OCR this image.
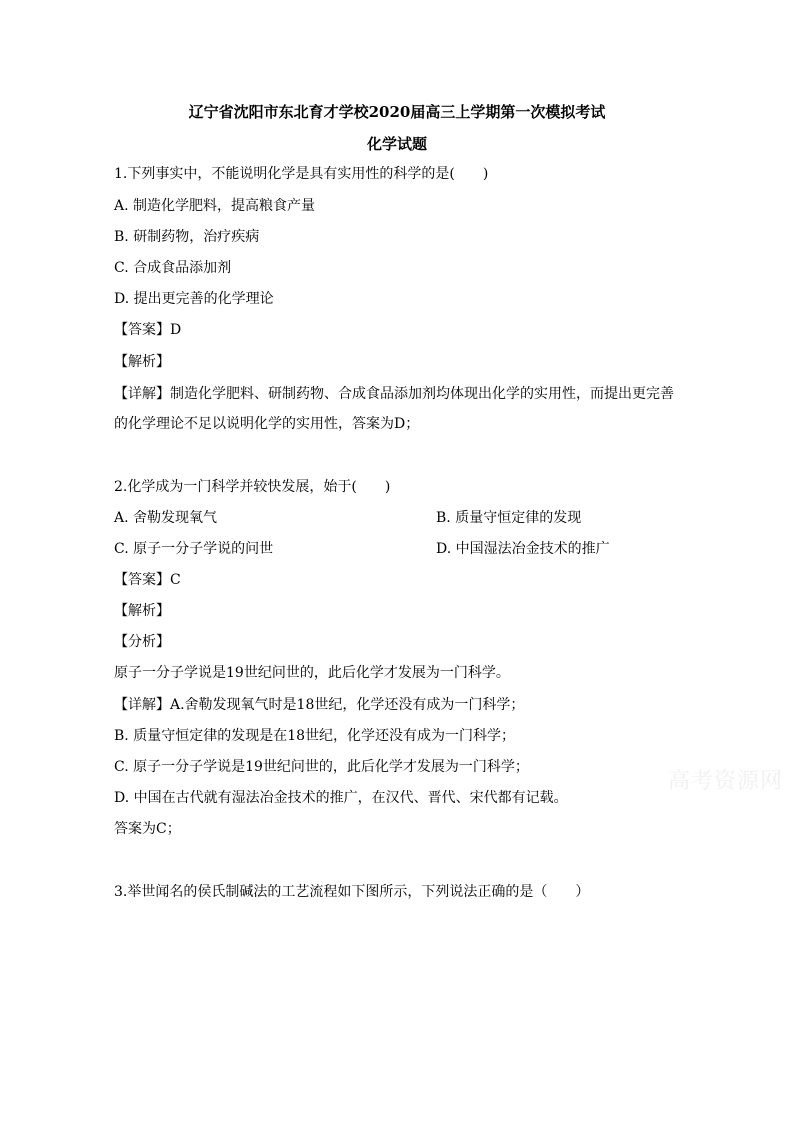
辽宁省沈阳市东北育才学校2020届高三上学期第一次模拟考试
化学试题
1.下列事实中，不能说明化学是具有实用性的科学的是(　　)
A. 制造化学肥料，提高粮食产量
B. 研制药物，治疗疾病
C. 合成食品添加剂
D. 提出更完善的化学理论
【答案】D
【解析】
【详解】制造化学肥料、研制药物、合成食品添加剂均体现出化学的实用性，而提出更完善
的化学理论不足以说明化学的实用性，答案为D；
2.化学成为一门科学并较快发展，始于(　　)
A. 舍勒发现氧气	B. 质量守恒定律的发现
C. 原子一分子学说的问世	D. 中国湿法冶金技术的推广
【答案】C
【解析】
【分析】
原子一分子学说是19世纪问世的，此后化学才发展为一门科学。
【详解】A.舍勒发现氧气时是18世纪，化学还没有成为一门科学；
B. 质量守恒定律的发现是在18世纪，化学还没有成为一门科学；
C. 原子一分子学说是19世纪问世的，此后化学才发展为一门科学；
D. 中国在古代就有湿法冶金技术的推广，在汉代、晋代、宋代都有记载。
答案为C；
3.举世闻名的侯氏制碱法的工艺流程如下图所示，下列说法正确的是（　　）
高考资源网
